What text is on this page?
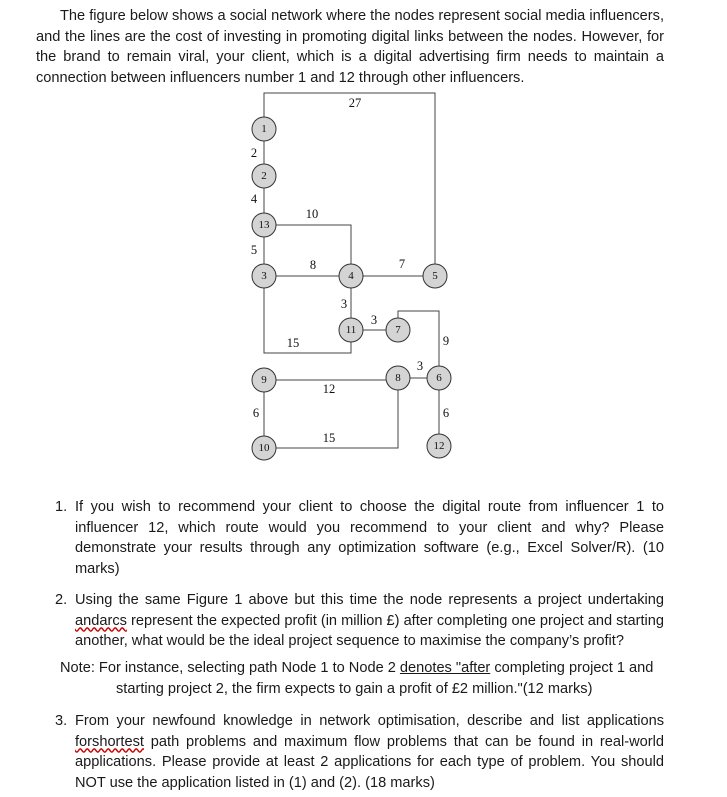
The figure below shows a social network where the nodes represent social media influencers, and the lines are the cost of investing in promoting digital links between the nodes. However, for the brand to remain viral, your client, which is a digital advertising firm needs to maintain a connection between influencers number 1 and 12 through other influencers.

27
2
4
10
5
8	7
3
3
15	9
3
12
6	6
15
1
2
13
3	4	5
11	7
9	8	6
10	12

1. If you wish to recommend your client to choose the digital route from influencer 1 to influencer 12, which route would you recommend to your client and why? Please demonstrate your results through any optimization software (e.g., Excel Solver/R). (10 marks)

2. Using the same Figure 1 above but this time the node represents a project undertaking andarcs represent the expected profit (in million £) after completing one project and starting another, what would be the ideal project sequence to maximise the company’s profit?

Note: For instance, selecting path Node 1 to Node 2 denotes "after completing project 1 and
starting project 2, the firm expects to gain a profit of £2 million."(12 marks)

3. From your newfound knowledge in network optimisation, describe and list applications forshortest path problems and maximum flow problems that can be found in real-world applications. Please provide at least 2 applications for each type of problem. You should NOT use the application listed in (1) and (2). (18 marks)
